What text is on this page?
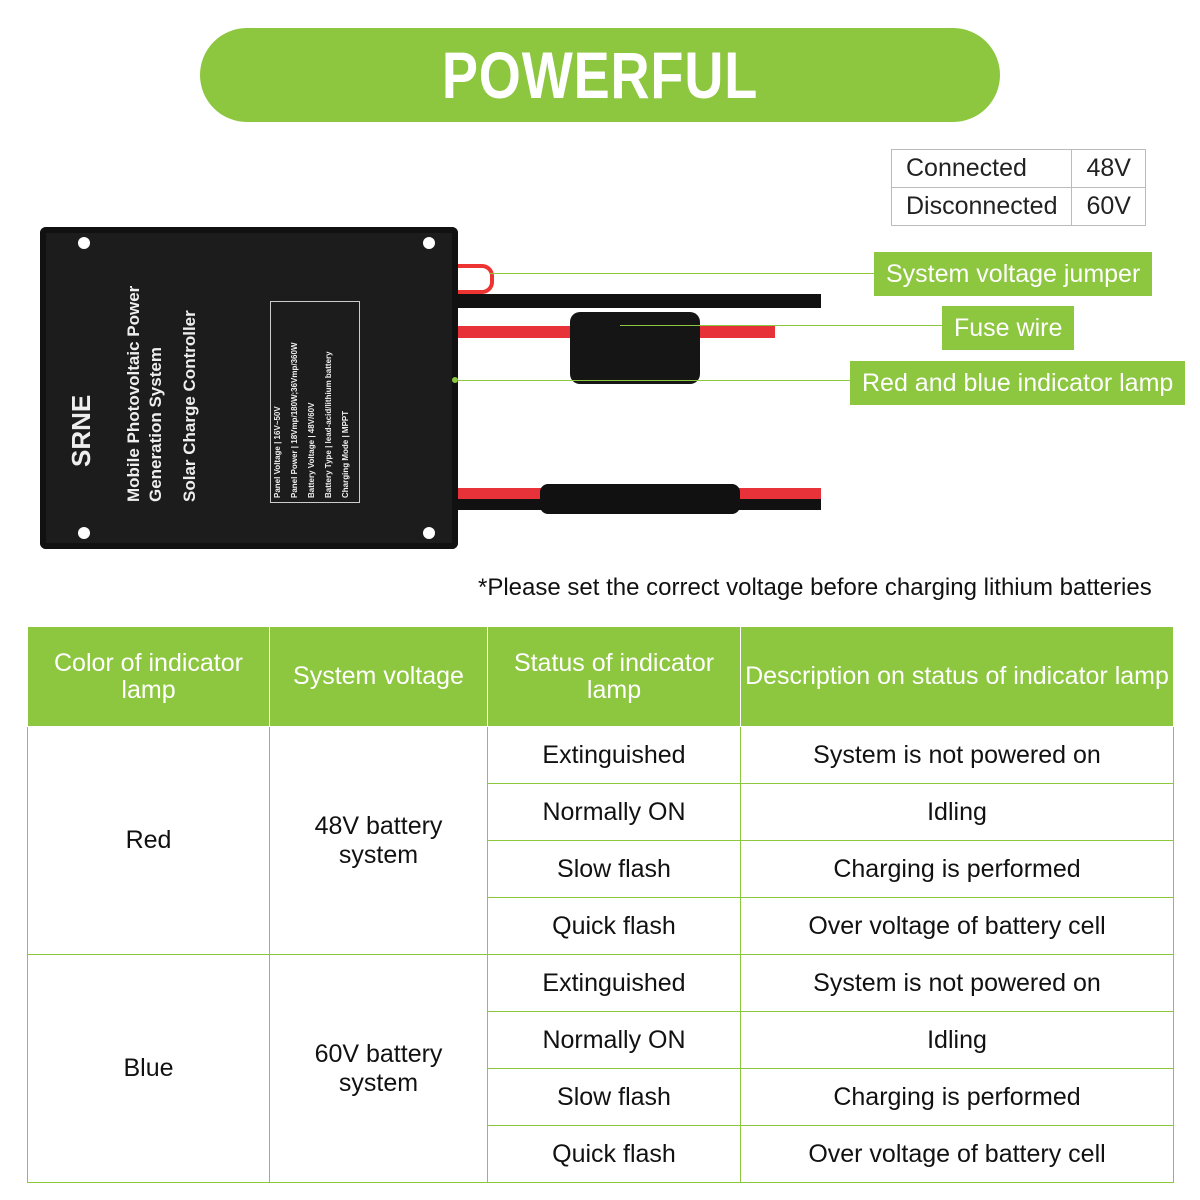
POWERFUL COMPATIBILITY	Connected	48V
Disconnected	60V
System voltage jumper
Fuse wire
Red and blue indicator lamp
SRNE Mobile Photovoltaic Power Generation System Solar Charge Controller	Panel Voltage | 16V~50V
Panel Power | 18Vmp/180W;36Vmp/360W
Battery Voltage | 48V/60V
Battery Type | lead-acid/lithium battery
Charging Mode | MPPT
*Please set the correct voltage before charging lithium batteries
Color of indicator lamp	System voltage	Status of indicator lamp	Description on status of indicator lamp
Red	48V battery system	Extinguished	System is not powered on
		Normally ON	Idling
		Slow flash	Charging is performed
		Quick flash	Over voltage of battery cell
Blue	60V battery system	Extinguished	System is not powered on
		Normally ON	Idling
		Slow flash	Charging is performed
		Quick flash	Over voltage of battery cell
